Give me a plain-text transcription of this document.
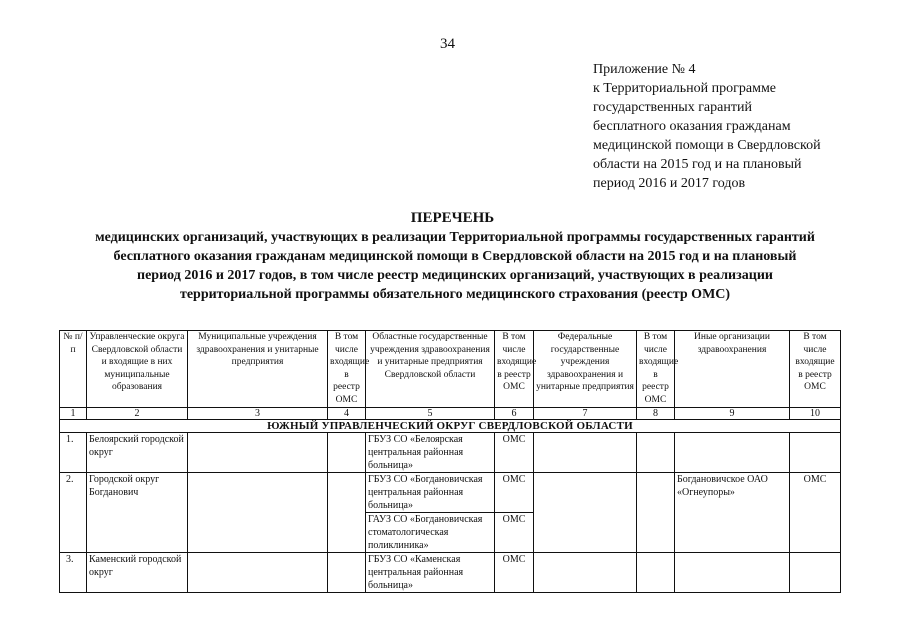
34
Приложение № 4
к Территориальной программе
государственных гарантий
бесплатного оказания гражданам
медицинской помощи в Свердловской
области на 2015 год и на плановый
период 2016 и 2017 годов
ПЕРЕЧЕНЬ
медицинских организаций, участвующих в реализации Территориальной программы государственных гарантий
бесплатного оказания гражданам медицинской помощи в Свердловской области на 2015 год и на плановый
период 2016 и 2017 годов, в том числе реестр медицинских организаций, участвующих в реализации
территориальной программы обязательного медицинского страхования (реестр ОМС)
№ п/п	Управленческие округа Свердловской области и входящие в них муниципальные образования	Муниципальные учреждения здравоохранения и унитарные предприятия	В том числе входящие в реестр ОМС	Областные государственные учреждения здравоохранения и унитарные предприятия Свердловской области	В том числе входящие в реестр ОМС	Федеральные государственные учреждения здравоохранения и унитарные предприятия	В том числе входящие в реестр ОМС	Иные организации здравоохранения	В том числе входящие в реестр ОМС
1	2	3	4	5	6	7	8	9	10
ЮЖНЫЙ УПРАВЛЕНЧЕСКИЙ ОКРУГ СВЕРДЛОВСКОЙ ОБЛАСТИ									
1.	Белоярский городской округ			ГБУЗ СО «Белоярская центральная районная больница»	ОМС				
2.	Городской округ Богданович			ГБУЗ СО «Богдановичская центральная районная больница»	ОМС			Богдановичское ОАО «Огнеупоры»	ОМС
				ГАУЗ СО «Богдановичская стоматологическая поликлиника»	ОМС				
3.	Каменский городской округ			ГБУЗ СО «Каменская центральная районная больница»	ОМС				
